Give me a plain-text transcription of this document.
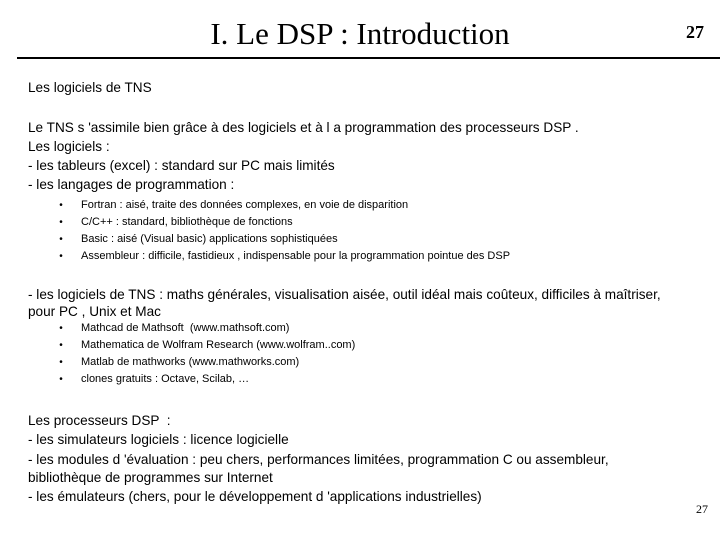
I. Le DSP : Introduction	27
Les logiciels de TNS
Le TNS s 'assimile bien grâce à des logiciels et à l a programmation des processeurs DSP .
Les logiciels :
- les tableurs (excel) : standard sur PC mais limités
- les langages de programmation :
• Fortran : aisé, traite des données complexes, en voie de disparition
• C/C++ : standard, bibliothèque de fonctions
• Basic : aisé (Visual basic) applications sophistiquées
• Assembleur : difficile, fastidieux , indispensable pour la programmation pointue des DSP
- les logiciels de TNS : maths générales, visualisation aisée, outil idéal mais coûteux, difficiles à maîtriser,
pour PC , Unix et Mac
• Mathcad de Mathsoft  (www.mathsoft.com)
• Mathematica de Wolfram Research (www.wolfram..com)
• Matlab de mathworks (www.mathworks.com)
• clones gratuits : Octave, Scilab, …
Les processeurs DSP  :
- les simulateurs logiciels : licence logicielle
- les modules d 'évaluation : peu chers, performances limitées, programmation C ou assembleur,
bibliothèque de programmes sur Internet
- les émulateurs (chers, pour le développement d 'applications industrielles)
27
